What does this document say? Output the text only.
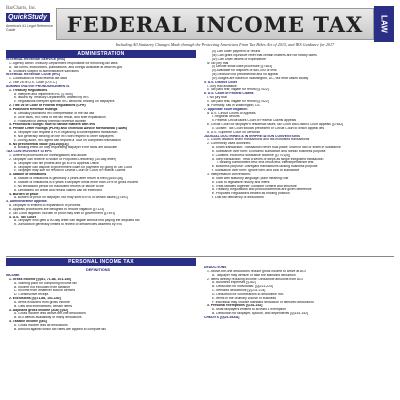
BarCharts, Inc.
QuickStudy
America's #1 Legal Reference Guide	FEDERAL INCOME TAX	LAW
Including All Statutory Changes Made through the Protecting Americans From Tax Hikes Act of 2015, and IRS Guidance for 2017
ADMINISTRATION
INTERNAL REVENUE SERVICE (IRS)
1. Agency within Treasury Department responsible for enforcing tax laws
A. Tax forms, instructions, publications, and rulings available at www.irs.gov
B. Violators subject to administrative sanctions
INTERNAL REVENUE CODE (IRC)
1. Codification of most federal tax laws
2. Title 26 of U.S. Code (U.S.C.)
ADMINISTRATIVE PRONOUNCEMENTS
1. Treasury Regulations
a. Interpret and implement IRC [§7805]
b. Issued by Treasury Department; drafted by IRS
c. Regulations interpret specific IRC sections; binding on taxpayers
2. Title 26 of Code of Federal Regulations (CFR)
3. Published Revenue Rulings
a. Officially published IRS interpretation of the tax law
b. Give facts, IRS view of the tax result, and brief explanation
c. Published in weekly Internal Revenue Bulletin
4. Procedural rulings: how to handle matters with IRS
5. Private Letter Rulings (PLRs) and Technical Advice Memoranda (TAMs)
a. Taxpayer can request a PLR regarding a contemplated transaction
b. Not generally binding on the IRS with respect to other taxpayers
c. During audit, IRS agent can request a TAM on completed transaction
6. No precedential value [§6110(k)(3)]
a. Binding effect on only requesting taxpayer if the facts are accurate
TAX CONTROVERSY STEPS
1. Different procedures for investigations and audits
2. Taxpayer can receive a Notice of Proposed Deficiency (30-day letter)
a. Taxpayer can file protest and go to IRS Appeals Office
b. Taxpayer can dispute a government claim for payment by going to Tax Court
c. Taxpayer may sue for refund in District Court or Court of Federal Claims
3. Statute of limitations
a. Statute of limitations is generally 3 years after return is filed [§6501(a)]
b. Statute of limitations is 6 years if taxpayer omits more than 25% of gross income
c. No limitations period for fraudulent returns or failure to file
d. Limitations for credit and refund claims can be extended
4. Burden of proof
a. Burden of proof on taxpayer, but may shift to IRS in certain cases [§7491]
3. Administrative appeals
a. Taxpayer is entitled to explanation of process
b. Appeals procedures are designed to reduce litigation [§7123]
c. Tax Court litigation: Burden of proof may shift to government [§7491]
4. U.S. Tax Court
a. Taxpayer who gets a 90-day letter can litigate without first paying the disputed tax
b. Jurisdiction generally limited to review of deficiencies asserted by IRS
(ii) Can order payment or refund
(iii) Can grant injunctive relief that certain matters are not strictly taxes
(iv) Can order offsets of expenditure
iv. No jury trial
(i) Decide small case procedure [§7463]
(ii) Available for disputes of $50,000 or less
(iii) Decision not precedential and no appeal
(iv) Judges are based in Washington, DC, but hear cases locally
5. U.S. District Court
i. Jury trial available
ii. Tax paid first; litigate for refund [§7422]
6. U.S. Court of Federal Claims
i. No jury trial
ii. Tax paid first; litigate for refund [§7422]
iii. Formally: sits in Washington, DC
7. Appellate court litigation
a. U.S. Circuit Courts of Appeals
i. Regional circuits
ii. Federal Circuit takes Court of Federal Claims appeals
b. Circuit Court for taxpayer's residence takes Tax Court and District Court appeals [§7482]
c. Golsen: Tax Court follows precedent of Circuit Court to which appeal lies
d. U.S. Supreme Court on certiorari
JUDICIAL DOCTRINES & INTERPRETATION CONVENTIONS
1. Courts disallow sham transactions and tax-motivated transactions
2. Commonly used doctrines:
a. Sham transaction: Transaction never took place; sham in fact or sham in substance
b. Substance over form: Economic substance and nontax business purpose
c. Codified: economic substance doctrine [§7701(o)]
d. Step transaction: Treat a series of steps as single integrated transaction
i. Binding commitment test; end result test; interdependence test
e. Business purpose: Disregard transactions lacking business purpose
f. Substance over form: Ignore form and look to substance
3. Interpretation conventions:
a. Start with statutory language; plain meaning rule
b. Look to legislative history and intent
c. Treat statutes together; consider context and structure
d. Treasury Regulations and pronouncements are given deference
e. Proposed Regulations treated as binding position
f. Lost tax deficiency of deductions
PERSONAL INCOME TAX
DEFINITIONS
INCOME
1. Gross income [§§61, 71-88, 101-140]
A. Starting point for computing income tax
B. Income not excluded from taxation
C. Income from whatever source derived
D. Constructive receipt
2. Exclusions [§§71-88, 101-140]
A. Items excluded from gross income
B. Gifts and inheritances; certain items
3. Adjusted gross income (AGI) [§62]
A. Gross income less above-the-line deductions
B. AGI affects availability of many deductions
4. Taxable income [§63]
A. Gross income less all deductions
B. Amount against which tax rates are applied to compute tax
DEDUCTIONS
1. Above-the-line deductions reduce gross income to arrive at AGI
A. Taxpayer may itemize or take the standard deduction
2. Items directly reducing income: Deductible amounts from AGI
A. Business expenses [§162]
B. Deduction for individuals: [§§211-224]
C. Itemized deductions [§§211-224]
D. Deduction for contributions to deductible IRA
E. Items in the ordinary course of business
F. Individual may choose standard deduction or itemized deductions
3. Personal exemptions [§151-152]
A. Most taxpayers entitled to at least 1 exemption
B. Deduction for taxpayer, spouse, and dependents [§§151-152]
CREDITS [§§21-54AA]
